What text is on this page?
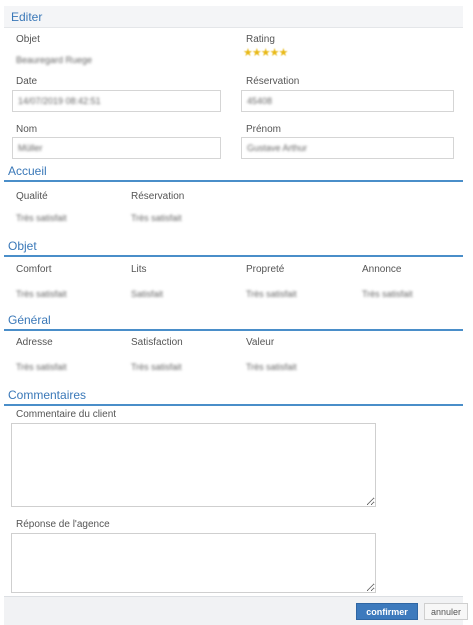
Editer
Objet
Beauregard Ruege
Rating
★★★★★
Date
14/07/2019 08:42:51
Réservation
45408
Nom
Müller
Prénom
Gustave Arthur
Accueil
Qualité
Très satisfait
Réservation
Très satisfait
Objet
Comfort
Très satisfait
Lits
Satisfait
Propreté
Très satisfait
Annonce
Très satisfait
Général
Adresse
Très satisfait
Satisfaction
Très satisfait
Valeur
Très satisfait
Commentaires
Commentaire du client
Réponse de l'agence
confirmer	annuler
